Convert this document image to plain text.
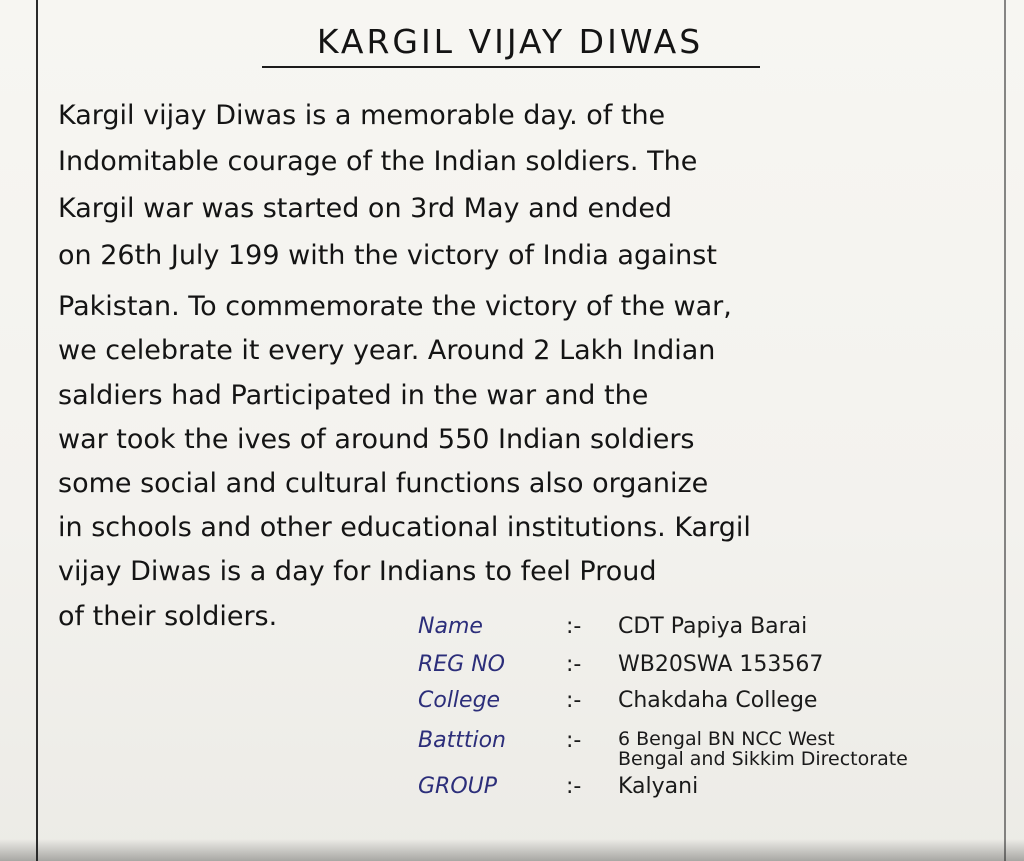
KARGIL VIJAY DIWAS
Kargil vijay Diwas is a memorable day. of the
Indomitable courage of the Indian soldiers. The
Kargil war was started on 3rd May and ended
on 26th July 199 with the victory of India against
Pakistan. To commemorate the victory of the war,
we celebrate it every year. Around 2 Lakh Indian
saldiers had Participated in the war and the
war took the ives of around 550 Indian soldiers
some social and cultural functions also organize
in schools and other educational institutions. Kargil
vijay Diwas is a day for Indians to feel Proud
of their soldiers.	Name	:-	CDT Papiya Barai
REG NO	:-	WB20SWA 153567
College	:-	Chakdaha College
Batttion	:-	6 Bengal BN NCC West
Bengal and Sikkim Directorate
GROUP	:-	Kalyani
